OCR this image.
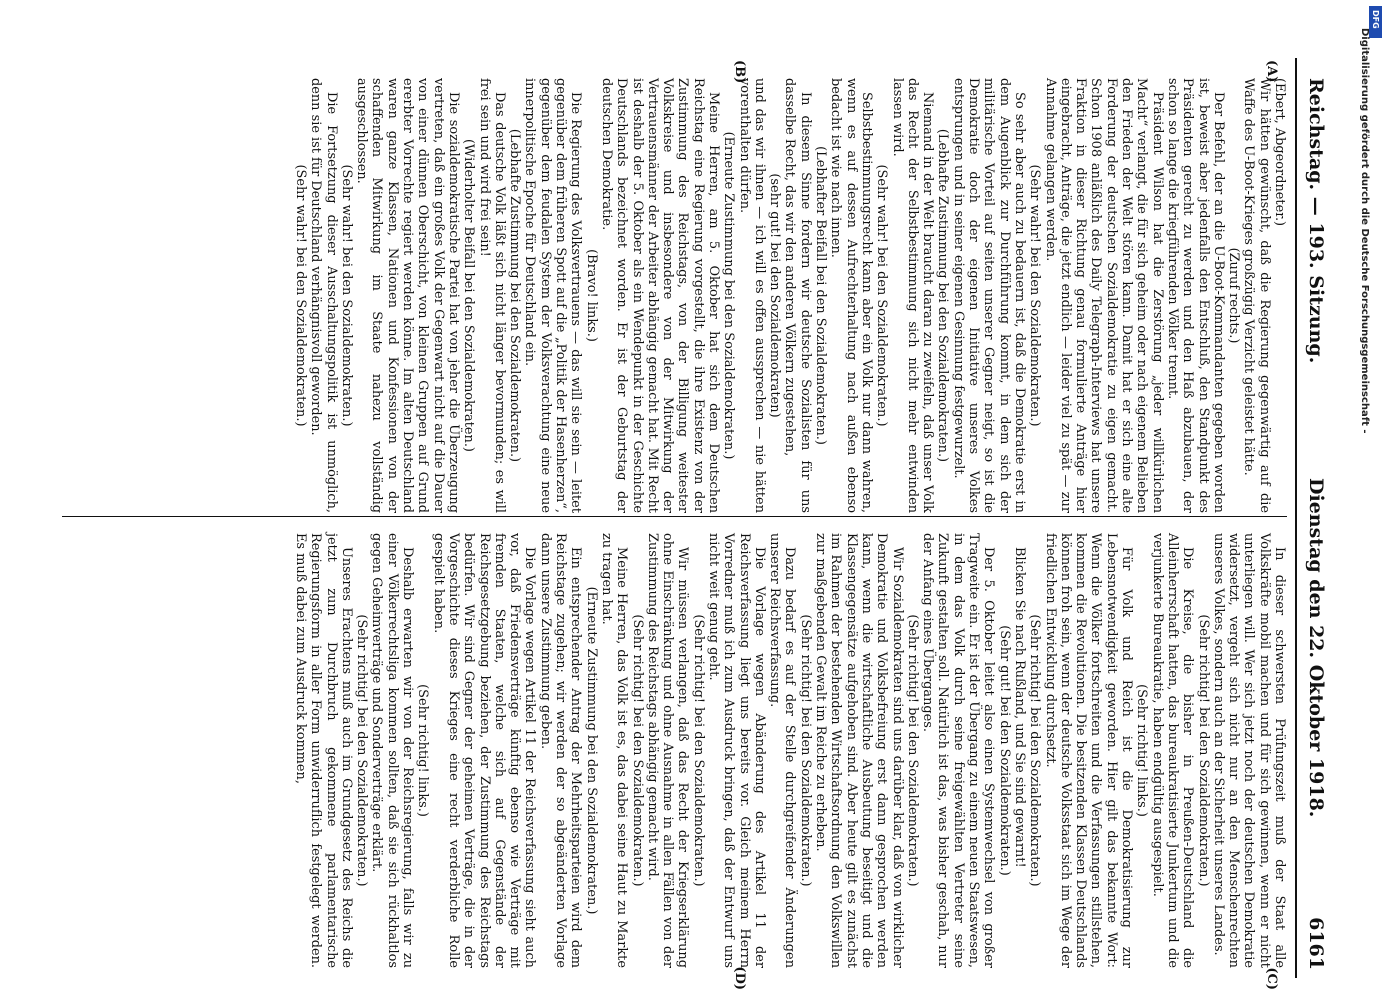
Reichstag. — 193. Sitzung.
Dienstag den 22. Oktober 1918.
6161
(A)
(B)

(Ebert, Abgeordneter.)

Wir hätten gewünscht, daß die Regierung gegenwärtig auf die Waffe des U-Boot-Krieges großzügig Verzicht geleistet hätte.

(Zuruf rechts.)

Der Befehl, der an die U-Boot-Kommandanten gegeben worden ist, beweist aber jedenfalls den Entschluß, den Standpunkt des Präsidenten gerecht zu werden und den Haß abzubauen, der schon so lange die kriegführenden Völker trennt.

Präsident Wilson hat die Zerstörung „jeder willkürlichen Macht“ verlangt, die für sich geheim oder nach eigenem Belieben den Frieden der Welt stören kann. Damit hat er sich eine alte Forderung der deutschen Sozialdemokratie zu eigen gemacht. Schon 1908 anläßlich des Daily Telegraph-Interviews hat unsere Fraktion in dieser Richtung genau formulierte Anträge hier eingebracht, Anträge, die jetzt endlich — leider viel zu spät — zur Annahme gelangen werden.

(Sehr wahr! bei den Sozialdemokraten.)

So sehr aber auch zu bedauern ist, daß die Demokratie erst in dem Augenblick zur Durchführung kommt, in dem sich der militärische Vorteil auf seiten unserer Gegner neigt, so ist die Demokratie doch der eigenen Initiative unseres Volkes entsprungen und in seiner eigenen Gesinnung festgewurzelt.

(Lebhafte Zustimmung bei den Sozialdemokraten.)

Niemand in der Welt braucht daran zu zweifeln, daß unser Volk das Recht der Selbstbestimmung sich nicht mehr entwinden lassen wird.

(Sehr wahr! bei den Sozialdemokraten.)

Selbstbestimmungsrecht kann aber ein Volk nur dann wahren, wenn es auf dessen Aufrechterhaltung nach außen ebenso bedacht ist wie nach innen.

(Lebhafter Beifall bei den Sozialdemokraten.)

In diesem Sinne fordern wir deutsche Sozialisten für uns dasselbe Recht, das wir den anderen Völkern zugestehen,

(sehr gut! bei den Sozialdemokraten)

und das wir ihnen — ich will es offen aussprechen — nie hätten vorenthalten dürfen.

(Erneute Zustimmung bei den Sozialdemokraten.)

Meine Herren, am 5. Oktober hat sich dem Deutschen Reichstag eine Regierung vorgestellt, die ihre Existenz von der Zustimmung des Reichstags, von der Billigung weitester Volkskreise und insbesondere von der Mitwirkung der Vertrauensmänner der Arbeiter abhängig gemacht hat. Mit Recht ist deshalb der 5. Oktober als ein Wendepunkt in der Geschichte Deutschlands bezeichnet worden. Er ist der Geburtstag der deutschen Demokratie.

(Bravo! links.)

Die Regierung des Volksvertrauens — das will sie sein — leitet gegenüber dem früheren Spott auf die „Politik der Hasenherzen“, gegenüber dem feudalen System der Volksverachtung eine neue innerpolitische Epoche für Deutschland ein.

(Lebhafte Zustimmung bei den Sozialdemokraten.)

Das deutsche Volk läßt sich nicht länger bevormunden; es will frei sein und wird frei sein!

(Widerholter Beifall bei den Sozialdemokraten.)

Die sozialdemokratische Partei hat von jeher die Überzeugung vertreten, daß ein großes Volk der Gegenwart nicht auf die Dauer von einer dünnen Oberschicht, von kleinen Gruppen auf Grund ererbter Vorrechte regiert werden könne. Im alten Deutschland waren ganze Klassen, Nationen und Konfessionen von der schaffenden Mitwirkung im Staate nahezu vollständig ausgeschlossen.

(Sehr wahr! bei den Sozialdemokraten.)

Die Fortsetzung dieser Ausschaltungspolitik ist unmöglich, denn sie ist für Deutschland verhängnisvoll geworden.

(Sehr wahr! bei den Sozialdemokraten.)

(C)
(D)

In dieser schwersten Prüfungszeit muß der Staat alle Volkskräfte mobil machen und für sich gewinnen, wenn er nicht unterliegen will. Wer sich jetzt noch der deutschen Demokratie widersetzt, vergeht sich nicht nur an den Menschenrechten unseres Volkes, sondern auch an der Sicherheit unseres Landes.

(Sehr richtig! bei den Sozialdemokraten.)

Die Kreise, die bisher in Preußen-Deutschland die Alleinherrschaft hatten, das bureaukratisierte Junkertum und die verjunkerte Bureaukratie, haben endgültig ausgespielt.

(Sehr richtig! links.)

Für Volk und Reich ist die Demokratisierung zur Lebensnotwendigkeit geworden. Hier gilt das bekannte Wort: Wenn die Völker fortschreiten und die Verfassungen stillstehen, kommen die Revolutionen. Die besitzenden Klassen Deutschlands können froh sein, wenn der deutsche Volksstaat sich im Wege der friedlichen Entwicklung durchsetzt.

(Sehr richtig! bei den Sozialdemokraten.)

Blicken Sie nach Rußland, und Sie sind gewarnt!

(Sehr gut! bei den Sozialdemokraten.)

Der 5. Oktober leitet also einen Systemwechsel von großer Tragweite ein. Er ist der Übergang zu einem neuen Staatswesen, in dem das Volk durch seine freigewählten Vertreter seine Zukunft gestalten soll. Natürlich ist das, was bisher geschah, nur der Anfang eines Überganges.

(Sehr richtig! bei den Sozialdemokraten.)

Wir Sozialdemokraten sind uns darüber klar, daß von wirklicher Demokratie und Volksbefreiung erst dann gesprochen werden kann, wenn die wirtschaftliche Ausbeutung beseitigt und die Klassengegensätze aufgehoben sind. Aber heute gilt es zunächst im Rahmen der bestehenden Wirtschaftsordnung den Volkswillen zur maßgebenden Gewalt im Reiche zu erheben.

(Sehr richtig! bei den Sozialdemokraten.)

Dazu bedarf es auf der Stelle durchgreifender Änderungen unserer Reichsverfassung.

Die Vorlage wegen Abänderung des Artikel 11 der Reichsverfassung liegt uns bereits vor. Gleich meinem Herrn Vorredner muß ich zum Ausdruck bringen, daß der Entwurf uns nicht weit genug geht.

(Sehr richtig! bei den Sozialdemokraten.)

Wir müssen verlangen, daß das Recht der Kriegserklärung ohne Einschränkung und ohne Ausnahme in allen Fällen von der Zustimmung des Reichstags abhängig gemacht wird.

(Sehr richtig! bei den Sozialdemokraten.)

Meine Herren, das Volk ist es, das dabei seine Haut zu Markte zu tragen hat.

(Erneute Zustimmung bei den Sozialdemokraten.)

Ein entsprechender Antrag der Mehrheitsparteien wird dem Reichstage zugehen; wir werden der so abgeänderten Vorlage dann unsere Zustimmung geben.

Die Vorlage wegen Artikel 11 der Reichsverfassung sieht auch vor, daß Friedensverträge künftig ebenso wie Verträge mit fremden Staaten, welche sich auf Gegenstände der Reichsgesetzgebung beziehen, der Zustimmung des Reichstags bedürfen. Wir sind Gegner der geheimen Verträge, die in der Vorgeschichte dieses Krieges eine recht verderbliche Rolle gespielt haben.

(Sehr richtig! links.)

Deshalb erwarten wir von der Reichsregierung, falls wir zu einer Völkerrechtsliga kommen sollten, daß sie sich rückhaltlos gegen Geheimverträge und Sonderverträge erklärt.

(Sehr richtig! bei den Sozialdemokraten.)

Unseres Erachtens muß auch im Grundgesetz des Reichs die jetzt zum Durchbruch gekommene parlamentarische Regierungsform in aller Form unwiderruflich festgelegt werden. Es muß dabei zum Ausdruck kommen,

DFG
Digitalisierung gefördert durch die Deutsche Forschungsgemeinschaft -
